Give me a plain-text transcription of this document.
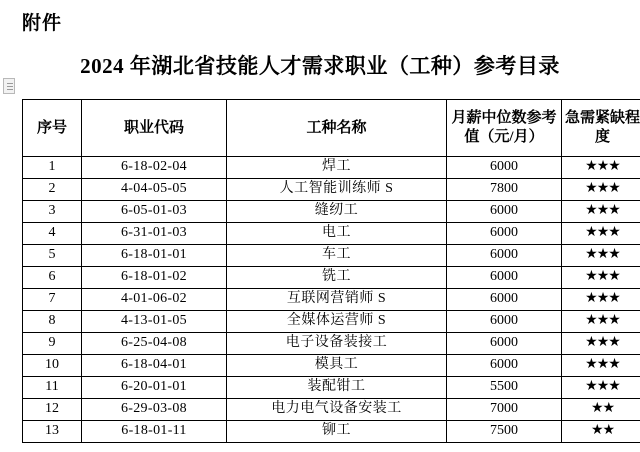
附件
2024 年湖北省技能人才需求职业（工种）参考目录
序号	职业代码	工种名称	月薪中位数参考值（元/月）	急需紧缺程度
1	6-18-02-04	焊工	6000	★★★
2	4-04-05-05	人工智能训练师 S	7800	★★★
3	6-05-01-03	缝纫工	6000	★★★
4	6-31-01-03	电工	6000	★★★
5	6-18-01-01	车工	6000	★★★
6	6-18-01-02	铣工	6000	★★★
7	4-01-06-02	互联网营销师 S	6000	★★★
8	4-13-01-05	全媒体运营师 S	6000	★★★
9	6-25-04-08	电子设备装接工	6000	★★★
10	6-18-04-01	模具工	6000	★★★
11	6-20-01-01	装配钳工	5500	★★★
12	6-29-03-08	电力电气设备安装工	7000	★★
13	6-18-01-11	铆工	7500	★★
